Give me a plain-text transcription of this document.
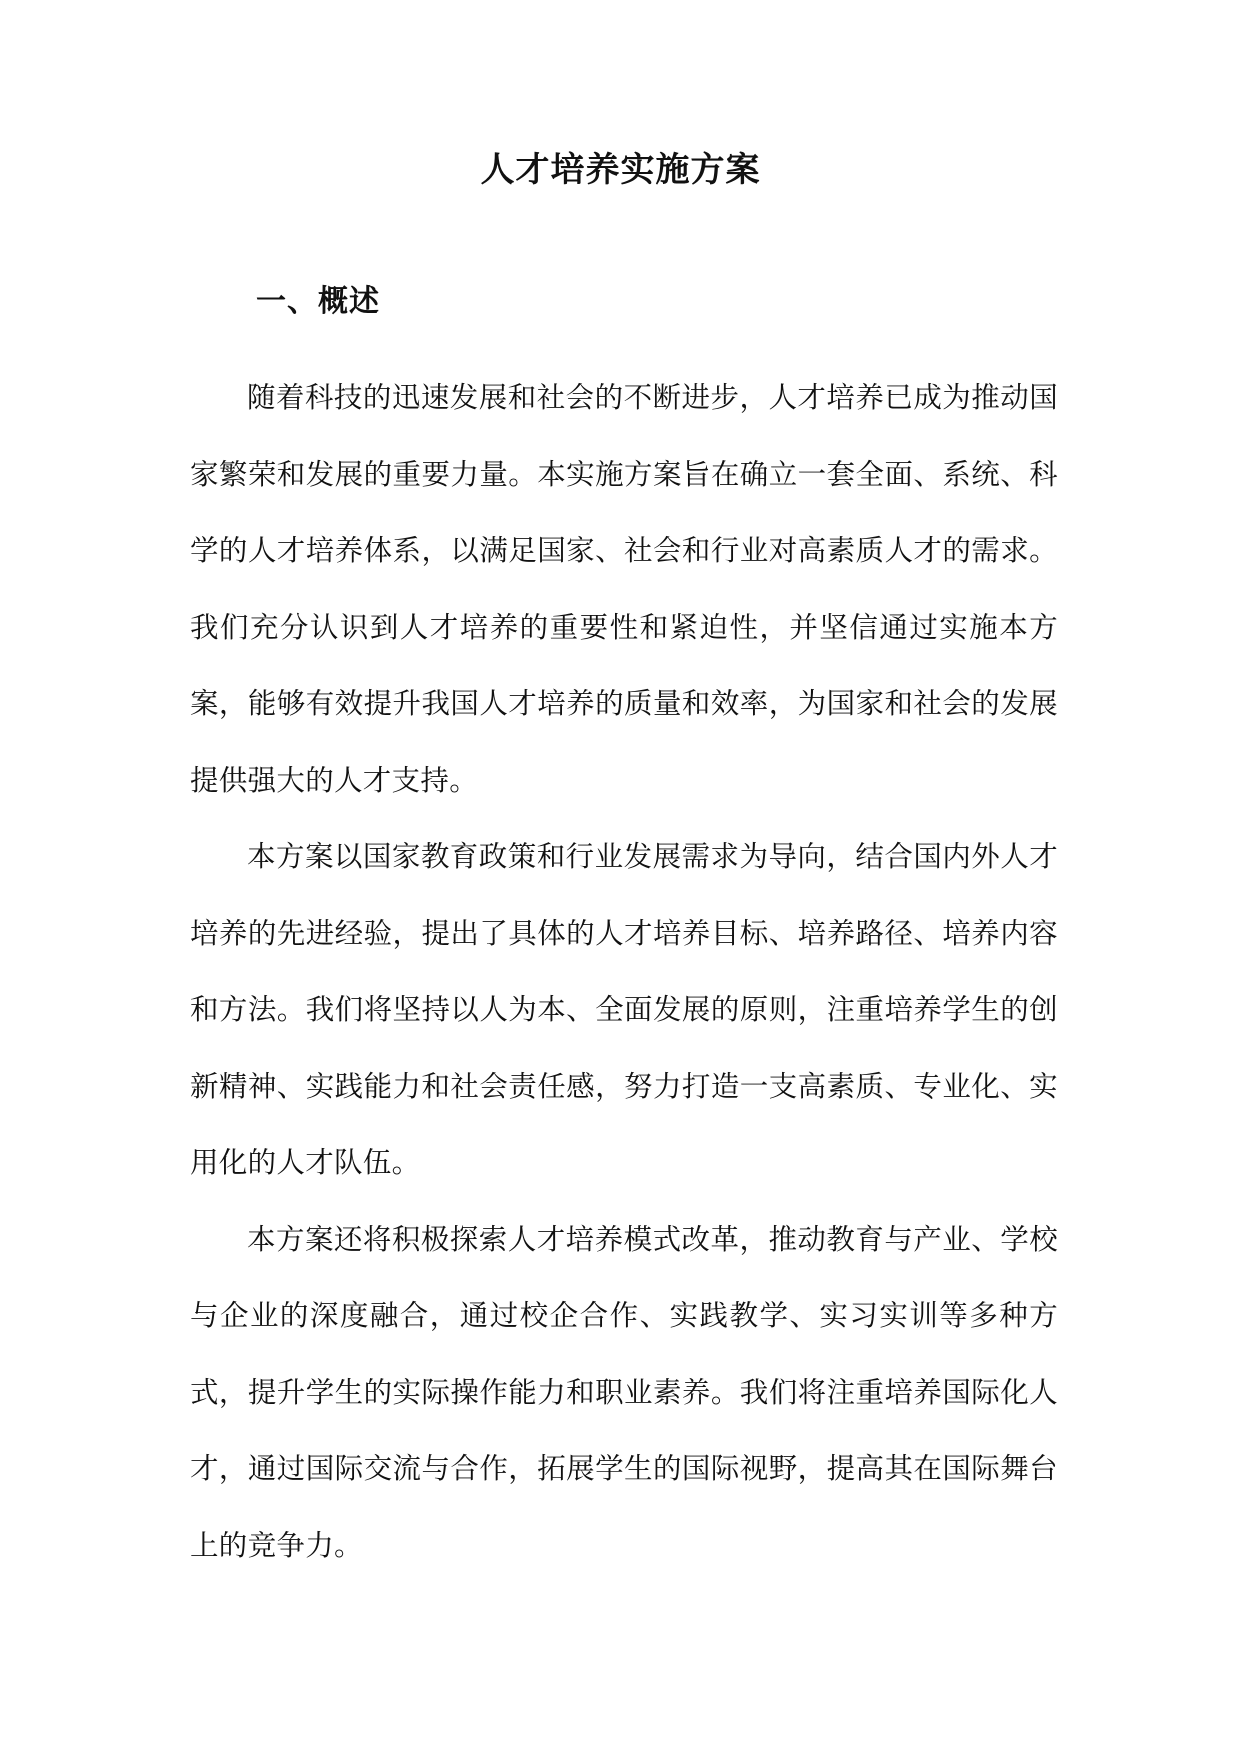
人才培养实施方案
一、概述

随着科技的迅速发展和社会的不断进步，人才培养已成为推动国家繁荣和发展的重要力量。本实施方案旨在确立一套全面、系统、科学的人才培养体系，以满足国家、社会和行业对高素质人才的需求。我们充分认识到人才培养的重要性和紧迫性，并坚信通过实施本方案，能够有效提升我国人才培养的质量和效率，为国家和社会的发展提供强大的人才支持。

本方案以国家教育政策和行业发展需求为导向，结合国内外人才培养的先进经验，提出了具体的人才培养目标、培养路径、培养内容和方法。我们将坚持以人为本、全面发展的原则，注重培养学生的创新精神、实践能力和社会责任感，努力打造一支高素质、专业化、实用化的人才队伍。

本方案还将积极探索人才培养模式改革，推动教育与产业、学校与企业的深度融合，通过校企合作、实践教学、实习实训等多种方式，提升学生的实际操作能力和职业素养。我们将注重培养国际化人才，通过国际交流与合作，拓展学生的国际视野，提高其在国际舞台上的竞争力。
